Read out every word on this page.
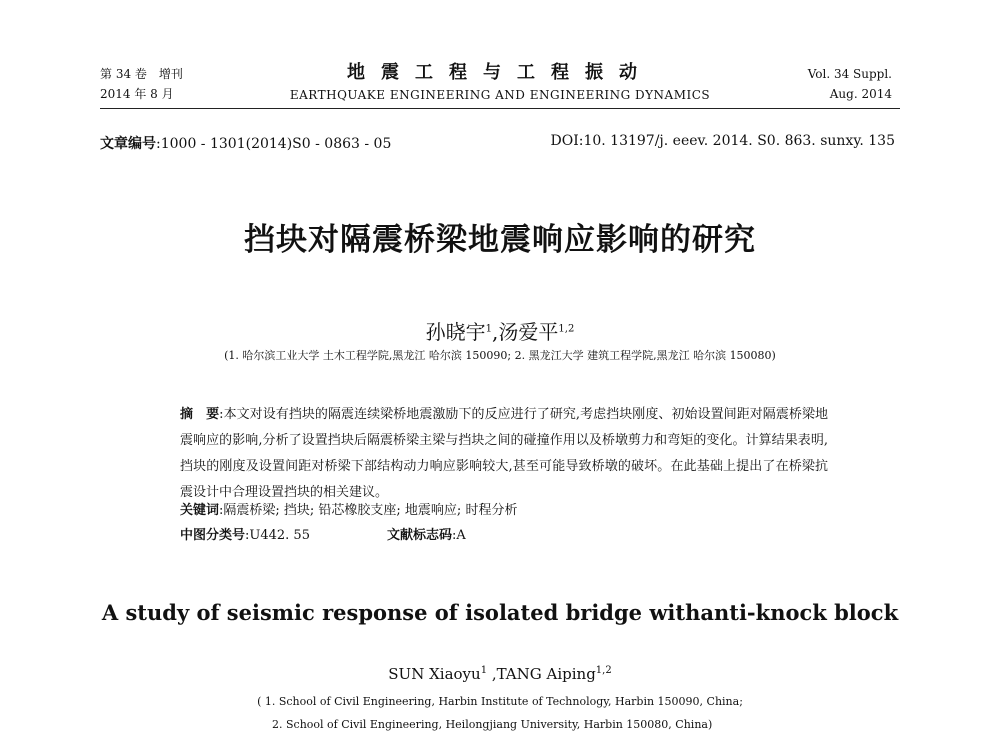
第 34 卷　增刊
2014 年 8 月
地震工程与工程振动
EARTHQUAKE ENGINEERING AND ENGINEERING DYNAMICS
Vol. 34 Suppl.
Aug. 2014
文章编号:1000 - 1301(2014)S0 - 0863 - 05	DOI:10. 13197/j. eeev. 2014. S0. 863. sunxy. 135
挡块对隔震桥梁地震响应影响的研究
孙晓宇$^1$,汤爱平$^{1,2}$
(1. 哈尔滨工业大学 土木工程学院,黑龙江 哈尔滨 150090; 2. 黑龙江大学 建筑工程学院,黑龙江 哈尔滨 150080)
摘　要:本文对设有挡块的隔震连续梁桥地震激励下的反应进行了研究,考虑挡块刚度、初始设置间距对隔震桥梁地震响应的影响,分析了设置挡块后隔震桥梁主梁与挡块之间的碰撞作用以及桥墩剪力和弯矩的变化。计算结果表明,挡块的刚度及设置间距对桥梁下部结构动力响应影响较大,甚至可能导致桥墩的破坏。在此基础上提出了在桥梁抗震设计中合理设置挡块的相关建议。
关键词:隔震桥梁; 挡块; 铅芯橡胶支座; 地震响应; 时程分析
中图分类号:U442. 55	文献标志码:A
A study of seismic response of isolated bridge withanti-knock block
SUN Xiaoyu$^1$ ,TANG Aiping$^{1,2}$
( 1. School of Civil Engineering, Harbin Institute of Technology, Harbin 150090, China;
2. School of Civil Engineering, Heilongjiang University, Harbin 150080, China)
